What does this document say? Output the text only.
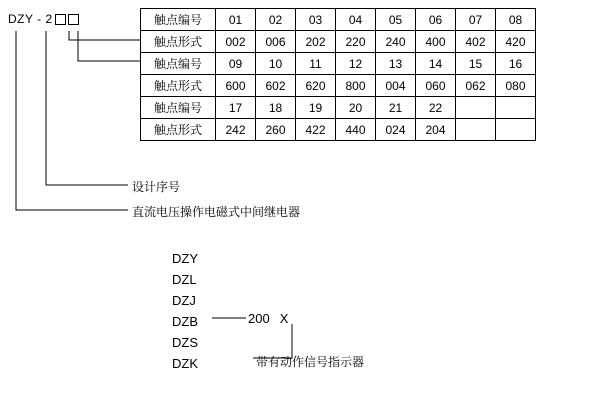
DZY - 2	触点编号	01	02	03	04	05	06	07	08
触点形式	002	006	202	220	240	400	402	420
触点编号	09	10	11	12	13	14	15	16
触点形式	600	602	620	800	004	060	062	080
触点编号	17	18	19	20	21	22		
触点形式	242	260	422	440	024	204		
设计序号
直流电压操作电磁式中间继电器
DZY
DZL
DZJ
DZB
DZS
DZK
200 X
带有动作信号指示器
